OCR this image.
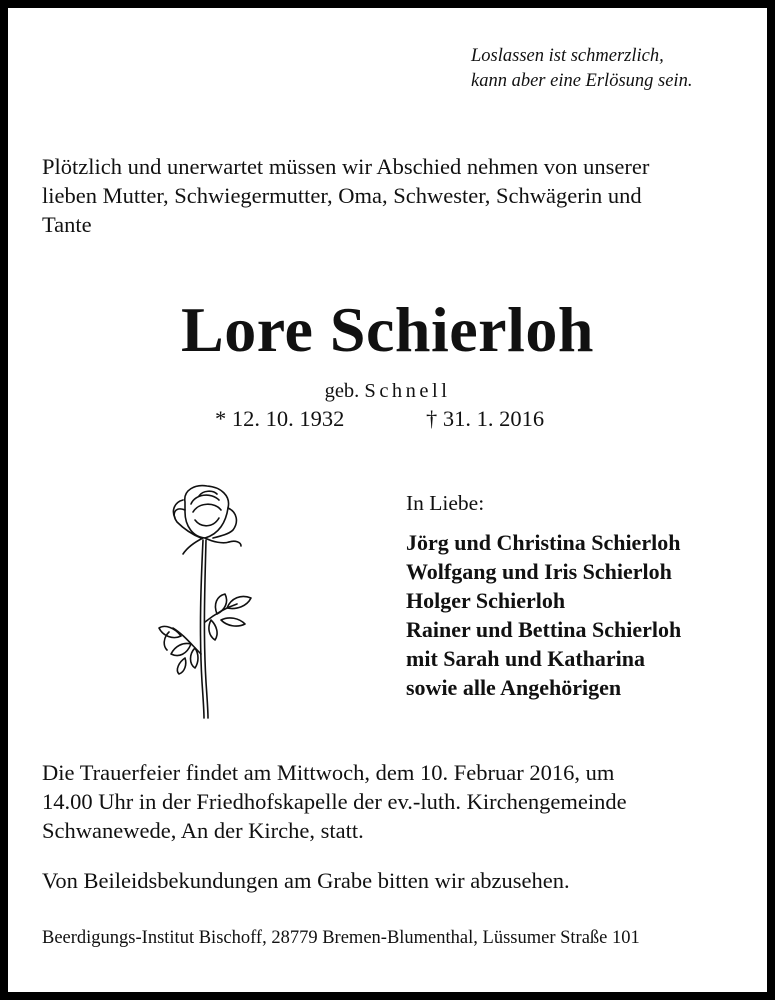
Loslassen ist schmerzlich,
kann aber eine Erlösung sein.
Plötzlich und unerwartet müssen wir Abschied nehmen von unserer
lieben Mutter, Schwiegermutter, Oma, Schwester, Schwägerin und
Tante
Lore Schierloh
geb. Schnell
* 12. 10. 1932	† 31. 1. 2016
In Liebe:
Jörg und Christina Schierloh
Wolfgang und Iris Schierloh
Holger Schierloh
Rainer und Bettina Schierloh
mit Sarah und Katharina
sowie alle Angehörigen
Die Trauerfeier findet am Mittwoch, dem 10. Februar 2016, um
14.00 Uhr in der Friedhofskapelle der ev.-luth. Kirchengemeinde
Schwanewede, An der Kirche, statt.
Von Beileidsbekundungen am Grabe bitten wir abzusehen.
Beerdigungs-Institut Bischoff, 28779 Bremen-Blumenthal, Lüssumer Straße 101
